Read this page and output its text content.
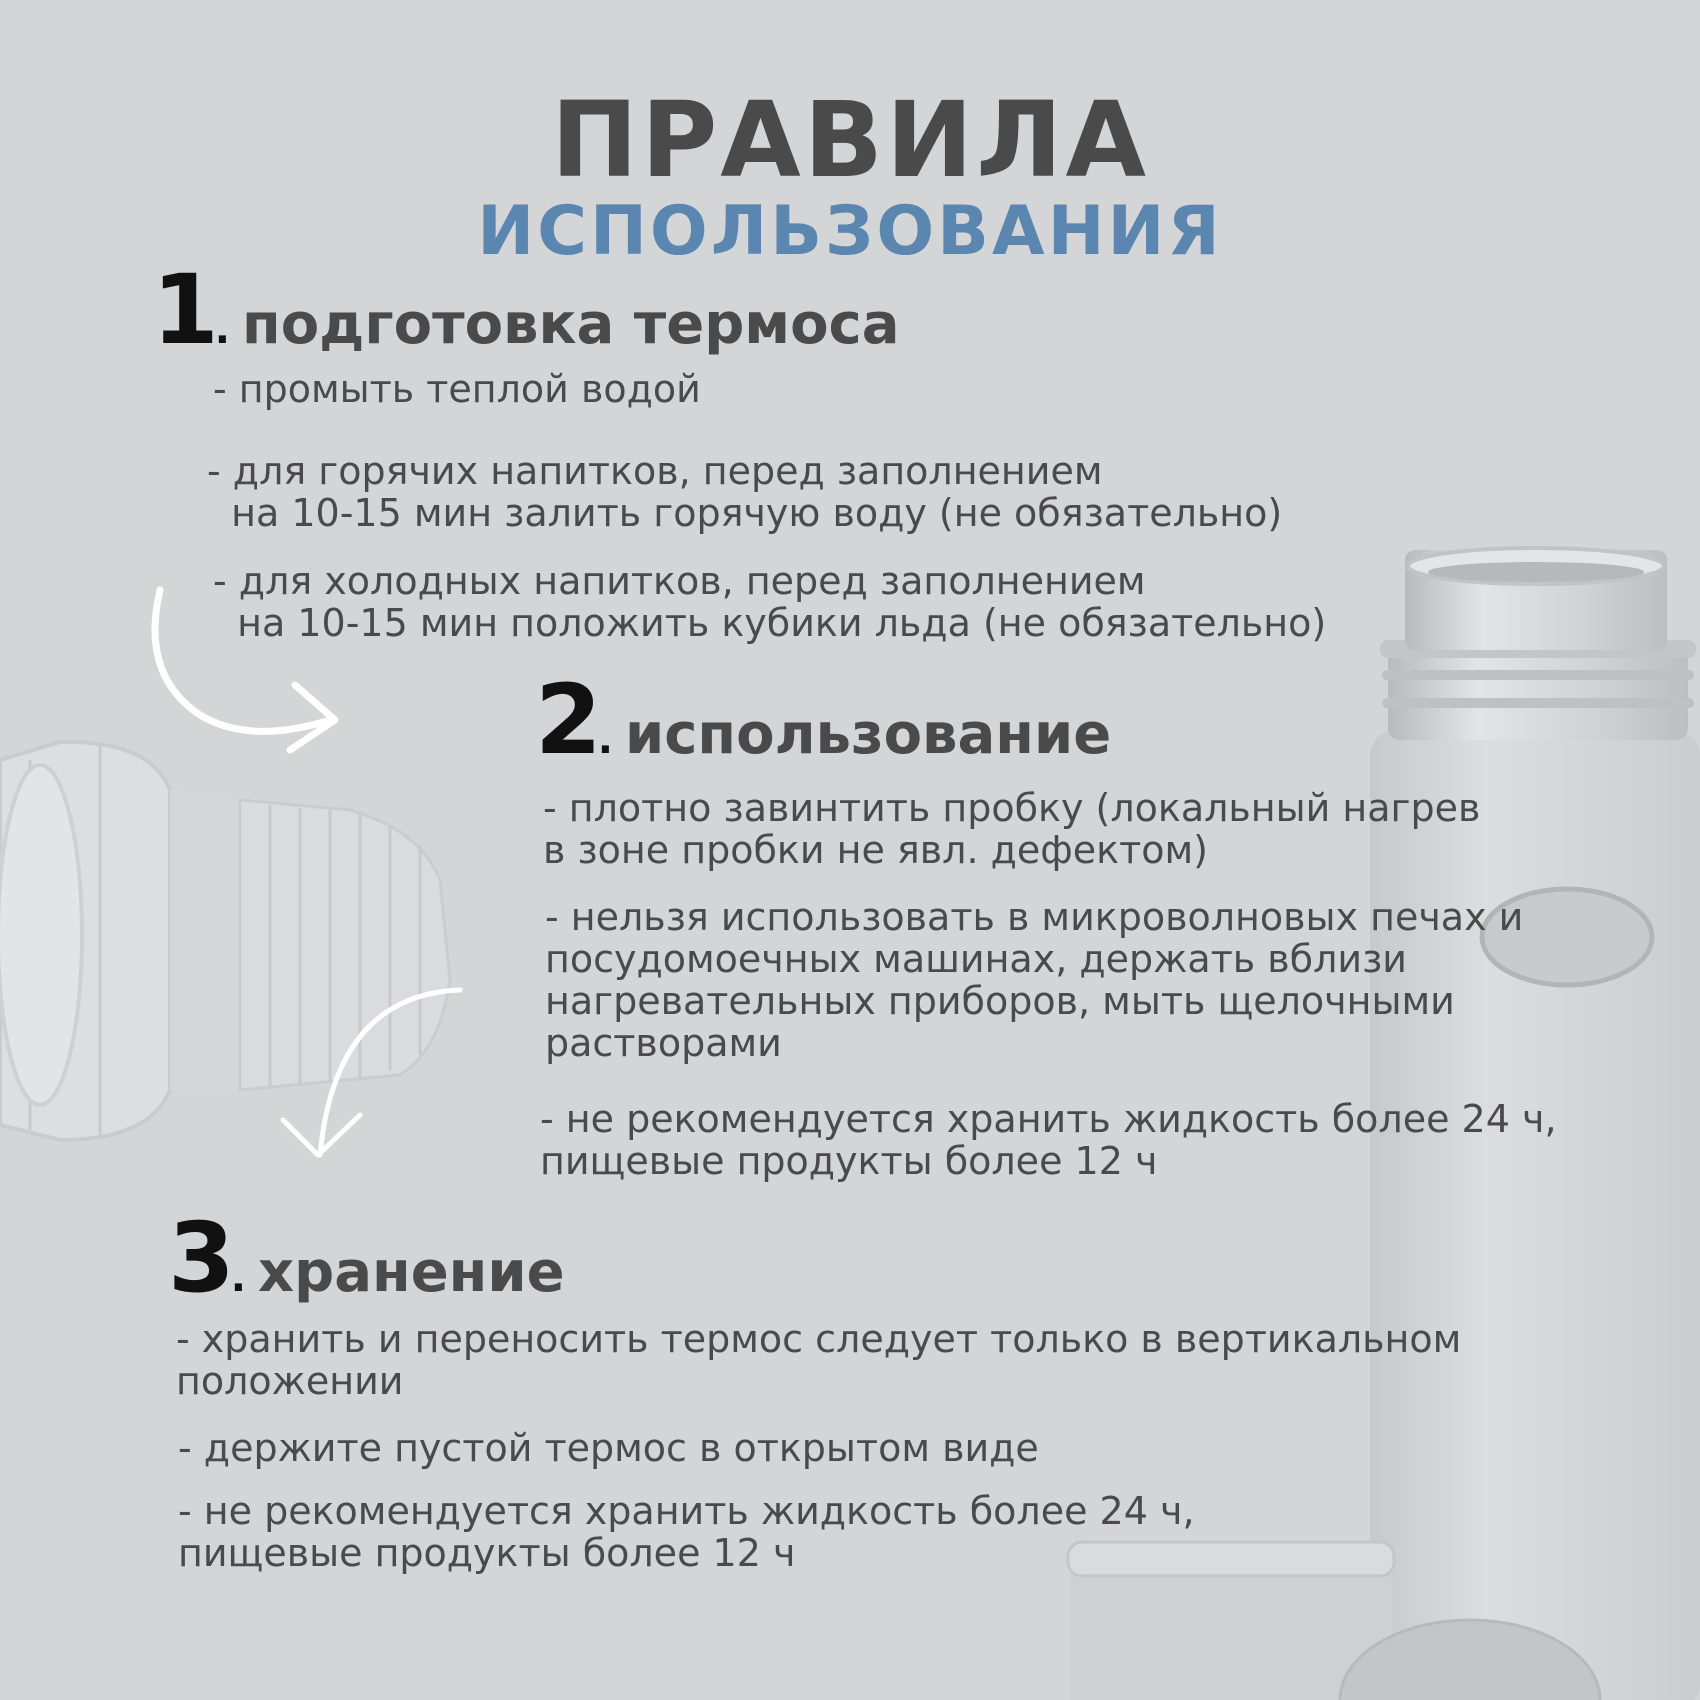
ПРАВИЛА
ИСПОЛЬЗОВАНИЯ
1 . подготовка термоса
- промыть теплой водой
- для горячих напитков, перед заполнением
на 10-15 мин залить горячую воду (не обязательно)
- для холодных напитков, перед заполнением
на 10-15 мин положить кубики льда (не обязательно)
2 . использование
- плотно завинтить пробку (локальный нагрев
в зоне пробки не явл. дефектом)
- нельзя использовать в микроволновых печах и
посудомоечных машинах, держать вблизи
нагревательных приборов, мыть щелочными
растворами
- не рекомендуется хранить жидкость более 24 ч,
пищевые продукты более 12 ч
3 . хранение
- хранить и переносить термос следует только в вертикальном
положении
- держите пустой термос в открытом виде
- не рекомендуется хранить жидкость более 24 ч,
пищевые продукты более 12 ч
